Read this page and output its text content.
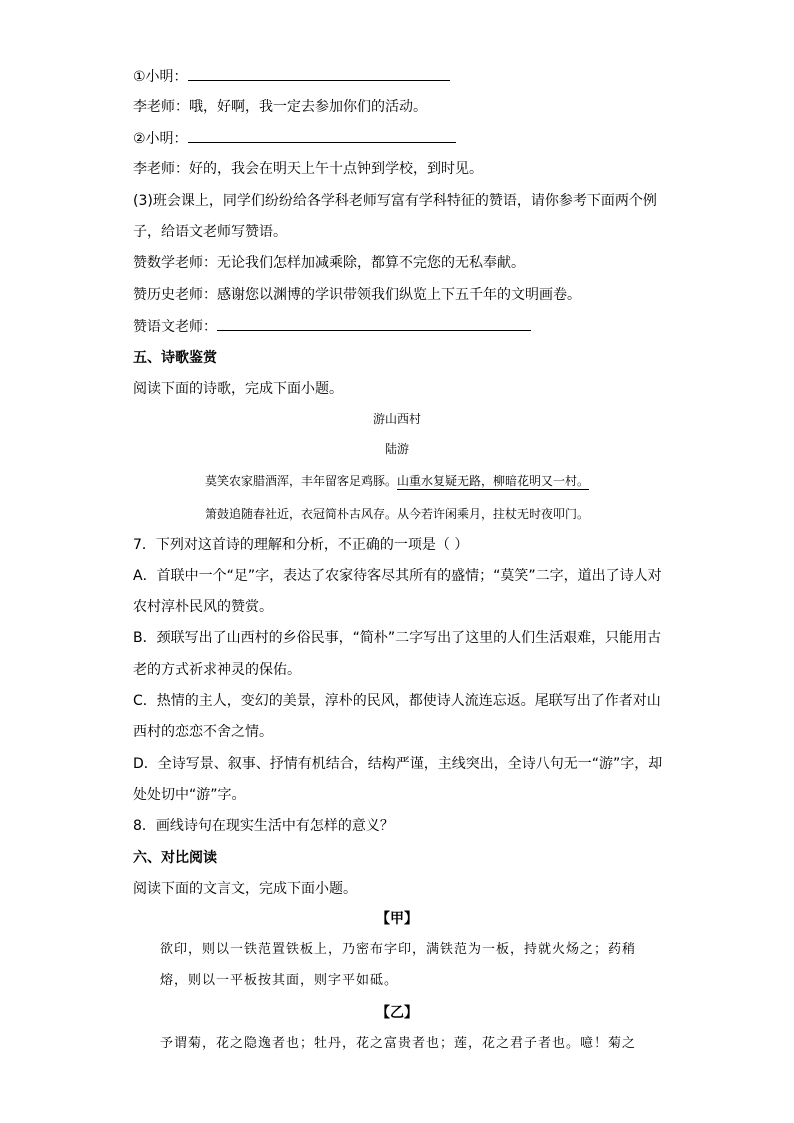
①小明：
李老师：哦，好啊，我一定去参加你们的活动。
②小明：
李老师：好的，我会在明天上午十点钟到学校，到时见。
(3)班会课上，同学们纷纷给各学科老师写富有学科特征的赞语，请你参考下面两个例
子，给语文老师写赞语。
赞数学老师：无论我们怎样加减乘除，都算不完您的无私奉献。
赞历史老师：感谢您以渊博的学识带领我们纵览上下五千年的文明画卷。
赞语文老师：
五、诗歌鉴赏
阅读下面的诗歌，完成下面小题。
游山西村
陆游
莫笑农家腊酒浑，丰年留客足鸡豚。山重水复疑无路，柳暗花明又一村。
箫鼓追随春社近，衣冠简朴古风存。从今若许闲乘月，拄杖无时夜叩门。
7．下列对这首诗的理解和分析，不正确的一项是（ ）
A．首联中一个“足”字，表达了农家待客尽其所有的盛情；“莫笑”二字，道出了诗人对
农村淳朴民风的赞赏。
B．颈联写出了山西村的乡俗民事，“简朴”二字写出了这里的人们生活艰难，只能用古
老的方式祈求神灵的保佑。
C．热情的主人，变幻的美景，淳朴的民风，都使诗人流连忘返。尾联写出了作者对山
西村的恋恋不舍之情。
D．全诗写景、叙事、抒情有机结合，结构严谨，主线突出，全诗八句无一“游”字，却
处处切中“游”字。
8．画线诗句在现实生活中有怎样的意义？
六、对比阅读
阅读下面的文言文，完成下面小题。
【甲】
欲印，则以一铁范置铁板上，乃密布字印，满铁范为一板，持就火炀之；药稍
熔，则以一平板按其面，则字平如砥。
【乙】
予谓菊，花之隐逸者也；牡丹，花之富贵者也；莲，花之君子者也。噫！菊之
